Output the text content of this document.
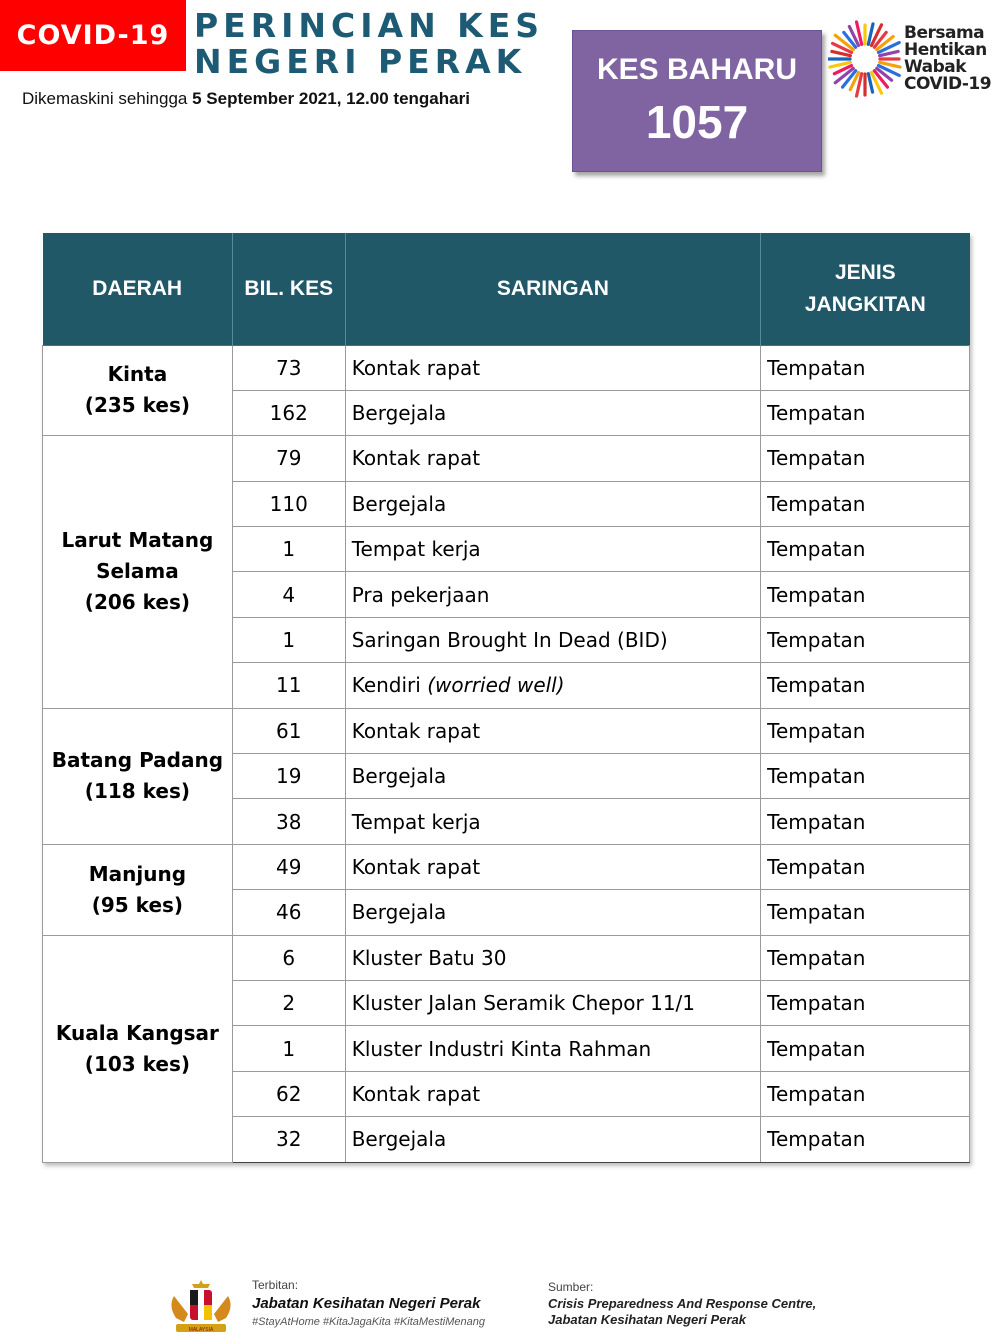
COVID-19 PERINCIAN KES
NEGERI PERAK
Dikemaskini sehingga 5 September 2021, 12.00 tengahari
KES BAHARU
1057
Bersama
Hentikan
Wabak
COVID-19
DAERAH	BIL. KES	SARINGAN	JENIS
JANGKITAN

Kinta
(235 kes)	73	Kontak rapat	Tempatan
	162	Bergejala	Tempatan

Larut Matang
Selama
(206 kes)	79	Kontak rapat	Tempatan
	110	Bergejala	Tempatan
	1	Tempat kerja	Tempatan
	4	Pra pekerjaan	Tempatan
	1	Saringan Brought In Dead (BID)	Tempatan
	11	Kendiri (worried well)	Tempatan

Batang Padang
(118 kes)	61	Kontak rapat	Tempatan
	19	Bergejala	Tempatan
	38	Tempat kerja	Tempatan

Manjung
(95 kes)	49	Kontak rapat	Tempatan
	46	Bergejala	Tempatan

Kuala Kangsar
(103 kes)	6	Kluster Batu 30	Tempatan
	2	Kluster Jalan Seramik Chepor 11/1	Tempatan
	1	Kluster Industri Kinta Rahman	Tempatan
	62	Kontak rapat	Tempatan
	32	Bergejala	Tempatan
MALAYSIA
Terbitan:
Jabatan Kesihatan Negeri Perak
#StayAtHome #KitaJagaKita #KitaMestiMenang
Sumber:
Crisis Preparedness And Response Centre,
Jabatan Kesihatan Negeri Perak
